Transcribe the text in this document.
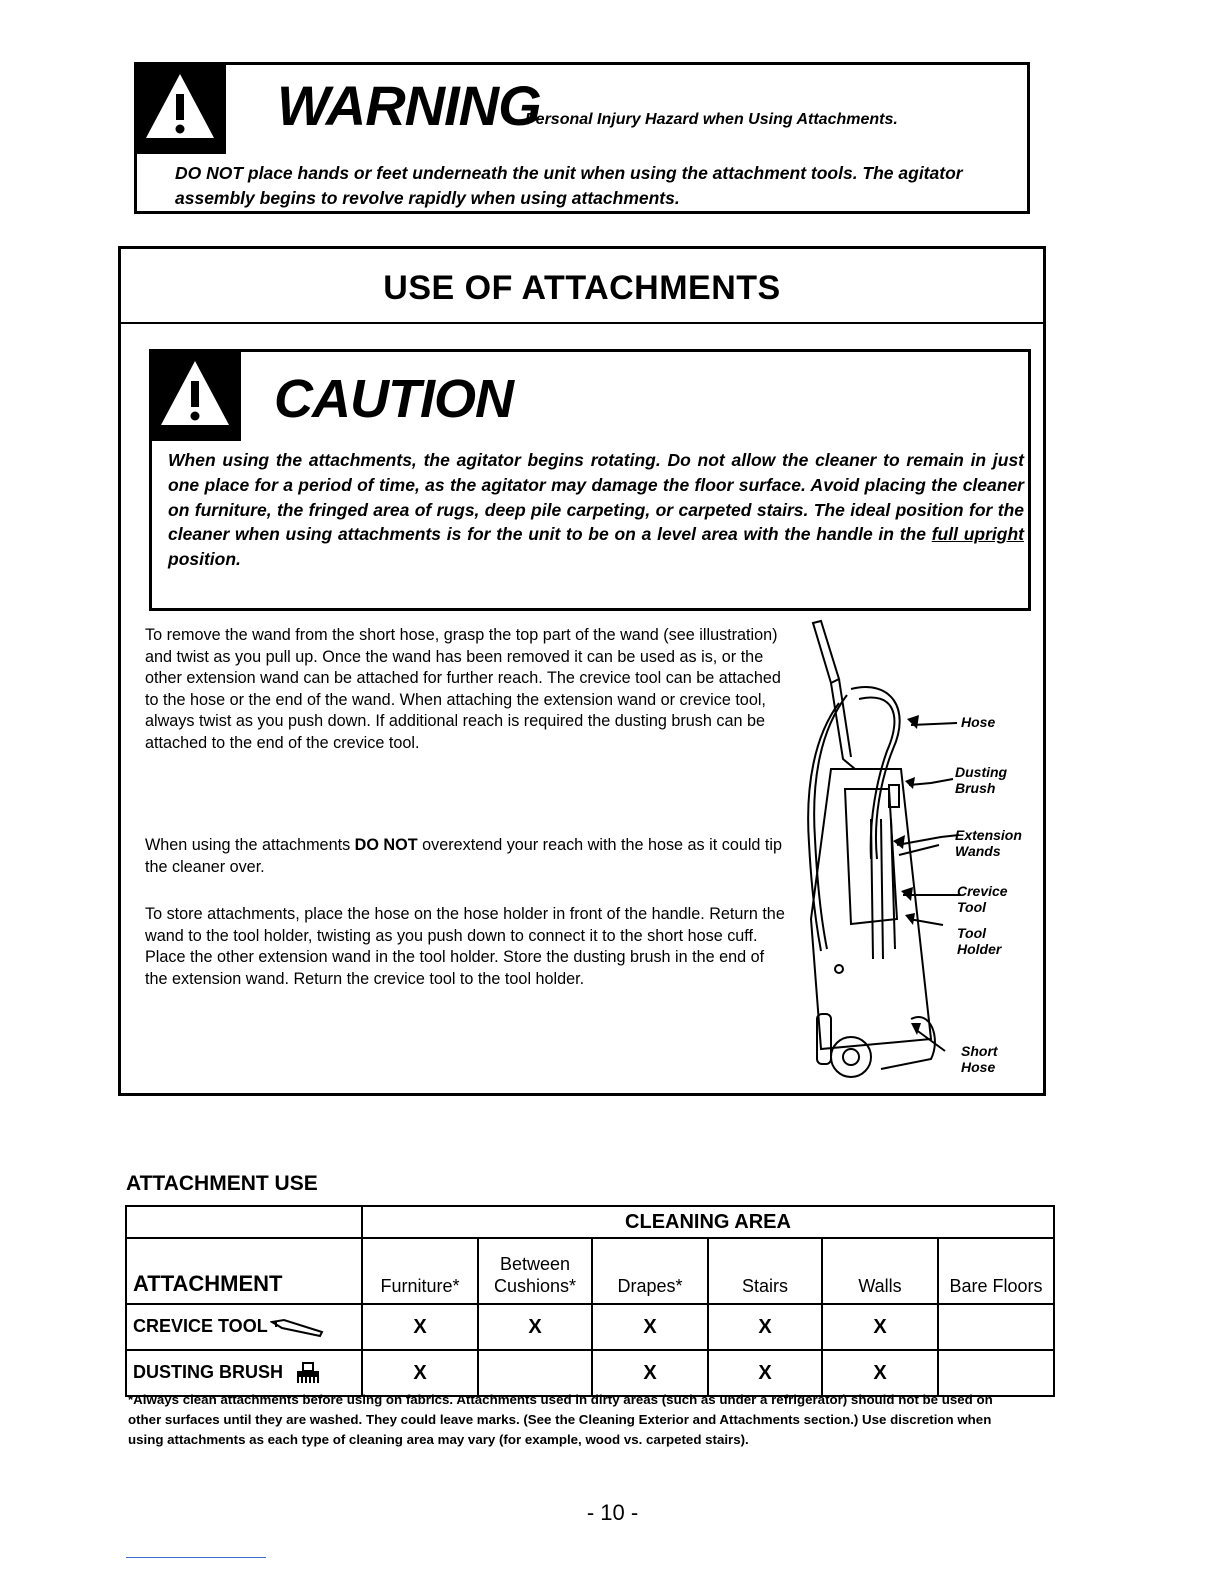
WARNING
Personal Injury Hazard when Using Attachments.
DO NOT place hands or feet underneath the unit when using the attachment tools. The agitator assembly begins to revolve rapidly when using attachments.
USE OF ATTACHMENTS
CAUTION
When using the attachments, the agitator begins rotating. Do not allow the cleaner to remain in just one place for a period of time, as the agitator may damage the floor surface. Avoid placing the cleaner on furniture, the fringed area of rugs, deep pile carpeting, or carpeted stairs. The ideal position for the cleaner when using attachments is for the unit to be on a level area with the handle in the full upright position.
To remove the wand from the short hose, grasp the top part of the wand (see illustration) and twist as you pull up. Once the wand has been removed it can be used as is, or the other extension wand can be attached for further reach. The crevice tool can be attached to the hose or the end of the wand. When attaching the extension wand or crevice tool, always twist as you push down. If additional reach is required the dusting brush can be attached to the end of the crevice tool.
When using the attachments DO NOT overextend your reach with the hose as it could tip the cleaner over.
To store attachments, place the hose on the hose holder in front of the handle. Return the wand to the tool holder, twisting as you push down to connect it to the short hose cuff. Place the other extension wand in the tool holder. Store the dusting brush in the end of the extension wand. Return the crevice tool to the tool holder.
Hose
Dusting Brush
Extension Wands
Crevice Tool
Tool Holder
Short Hose
ATTACHMENT USE
	CLEANING AREA					
ATTACHMENT	Furniture*	Between
Cushions*	Drapes*	Stairs	Walls	Bare Floors
CREVICE TOOL	X	X	X	X	X	
DUSTING BRUSH	X		X	X	X	
*Always clean attachments before using on fabrics. Attachments used in dirty areas (such as under a refrigerator) should not be used on other surfaces until they are washed. They could leave marks. (See the Cleaning Exterior and Attachments section.) Use discretion when using attachments as each type of cleaning area may vary (for example, wood vs. carpeted stairs).
- 10 -
